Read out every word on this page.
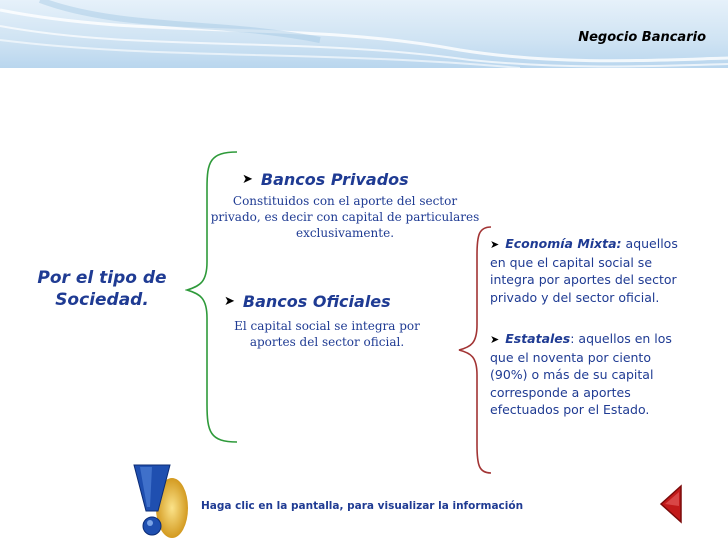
Negocio Bancario
Por el tipo de
Sociedad.
➤ Bancos Privados
Constituidos con el aporte del sector
privado, es decir con capital de particulares
exclusivamente.
➤ Bancos Oficiales
El capital social se integra por
aportes del sector oficial.
➤ Economía Mixta: aquellos en que el capital social se integra por aportes del sector privado y del sector oficial.
➤ Estatales: aquellos en los que el noventa por ciento (90%) o más de su capital corresponde a aportes efectuados por el Estado.
Haga clic en la pantalla, para visualizar la información
